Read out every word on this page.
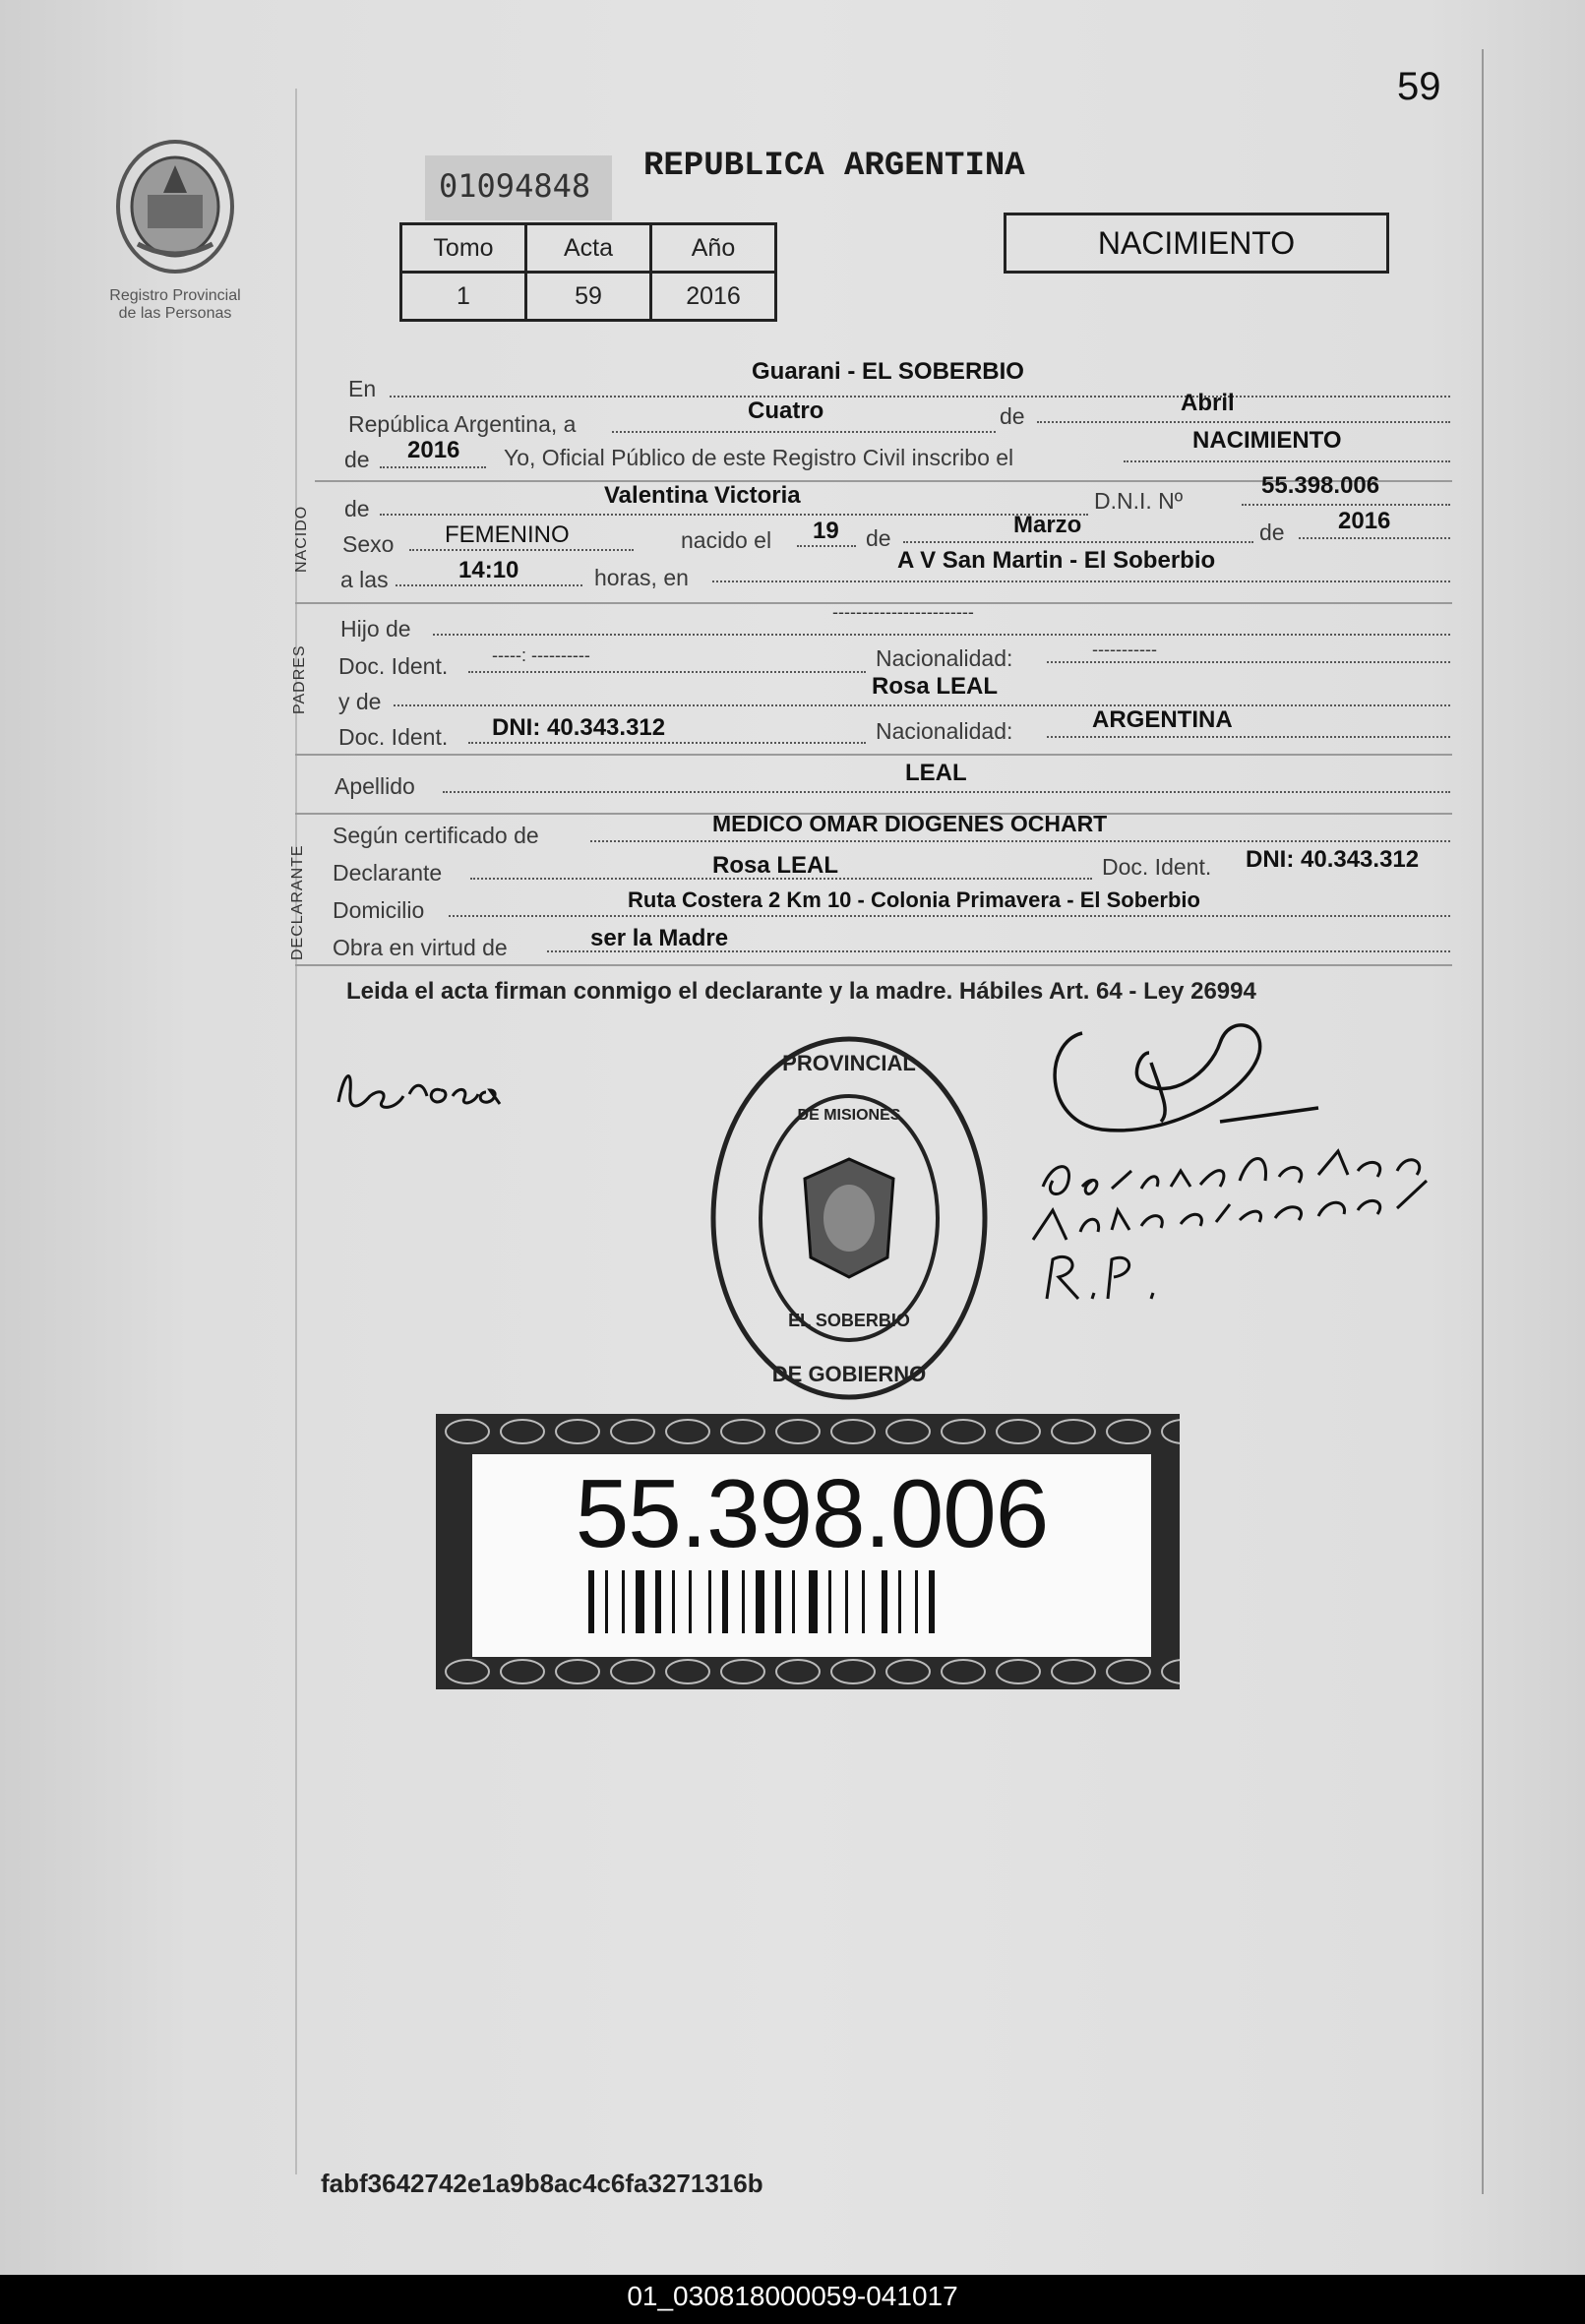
59
Registro Provincial
de las Personas
01094848
REPUBLICA ARGENTINA
Tomo	Acta	Año
1	59	2016
NACIMIENTO
En
Guarani - EL SOBERBIO
República Argentina, a	Cuatro	de	Abril
de 2016 Yo, Oficial Público de este Registro Civil inscribo el
NACIMIENTO
NACIDO de	Valentina Victoria	D.N.I. Nº
55.398.006
Sexo FEMENINO	nacido el 19 de	Marzo	de 2016
a las	14:10	horas, en
A V San Martin - El Soberbio
PADRES
Hijo de
------------------------
Doc. Ident. -----: ----------	Nacionalidad:	-----------
y de
Rosa LEAL
Doc. Ident. DNI: 40.343.312	Nacionalidad:	ARGENTINA
Apellido	LEAL
DECLARANTE
Según certificado de	MEDICO OMAR DIOGENES OCHART
Declarante	Rosa LEAL	Doc. Ident. DNI: 40.343.312
Domicilio	Ruta Costera 2 Km 10 - Colonia Primavera - El Soberbio
Obra en virtud de	ser la Madre
Leida el acta firman conmigo el declarante y la madre. Hábiles Art. 64 - Ley 26994
PROVINCIAL
DE GOBIERNO
DE MISIONES
EL SOBERBIO
55.398.006
fabf3642742e1a9b8ac4c6fa3271316b
01_030818000059-041017
